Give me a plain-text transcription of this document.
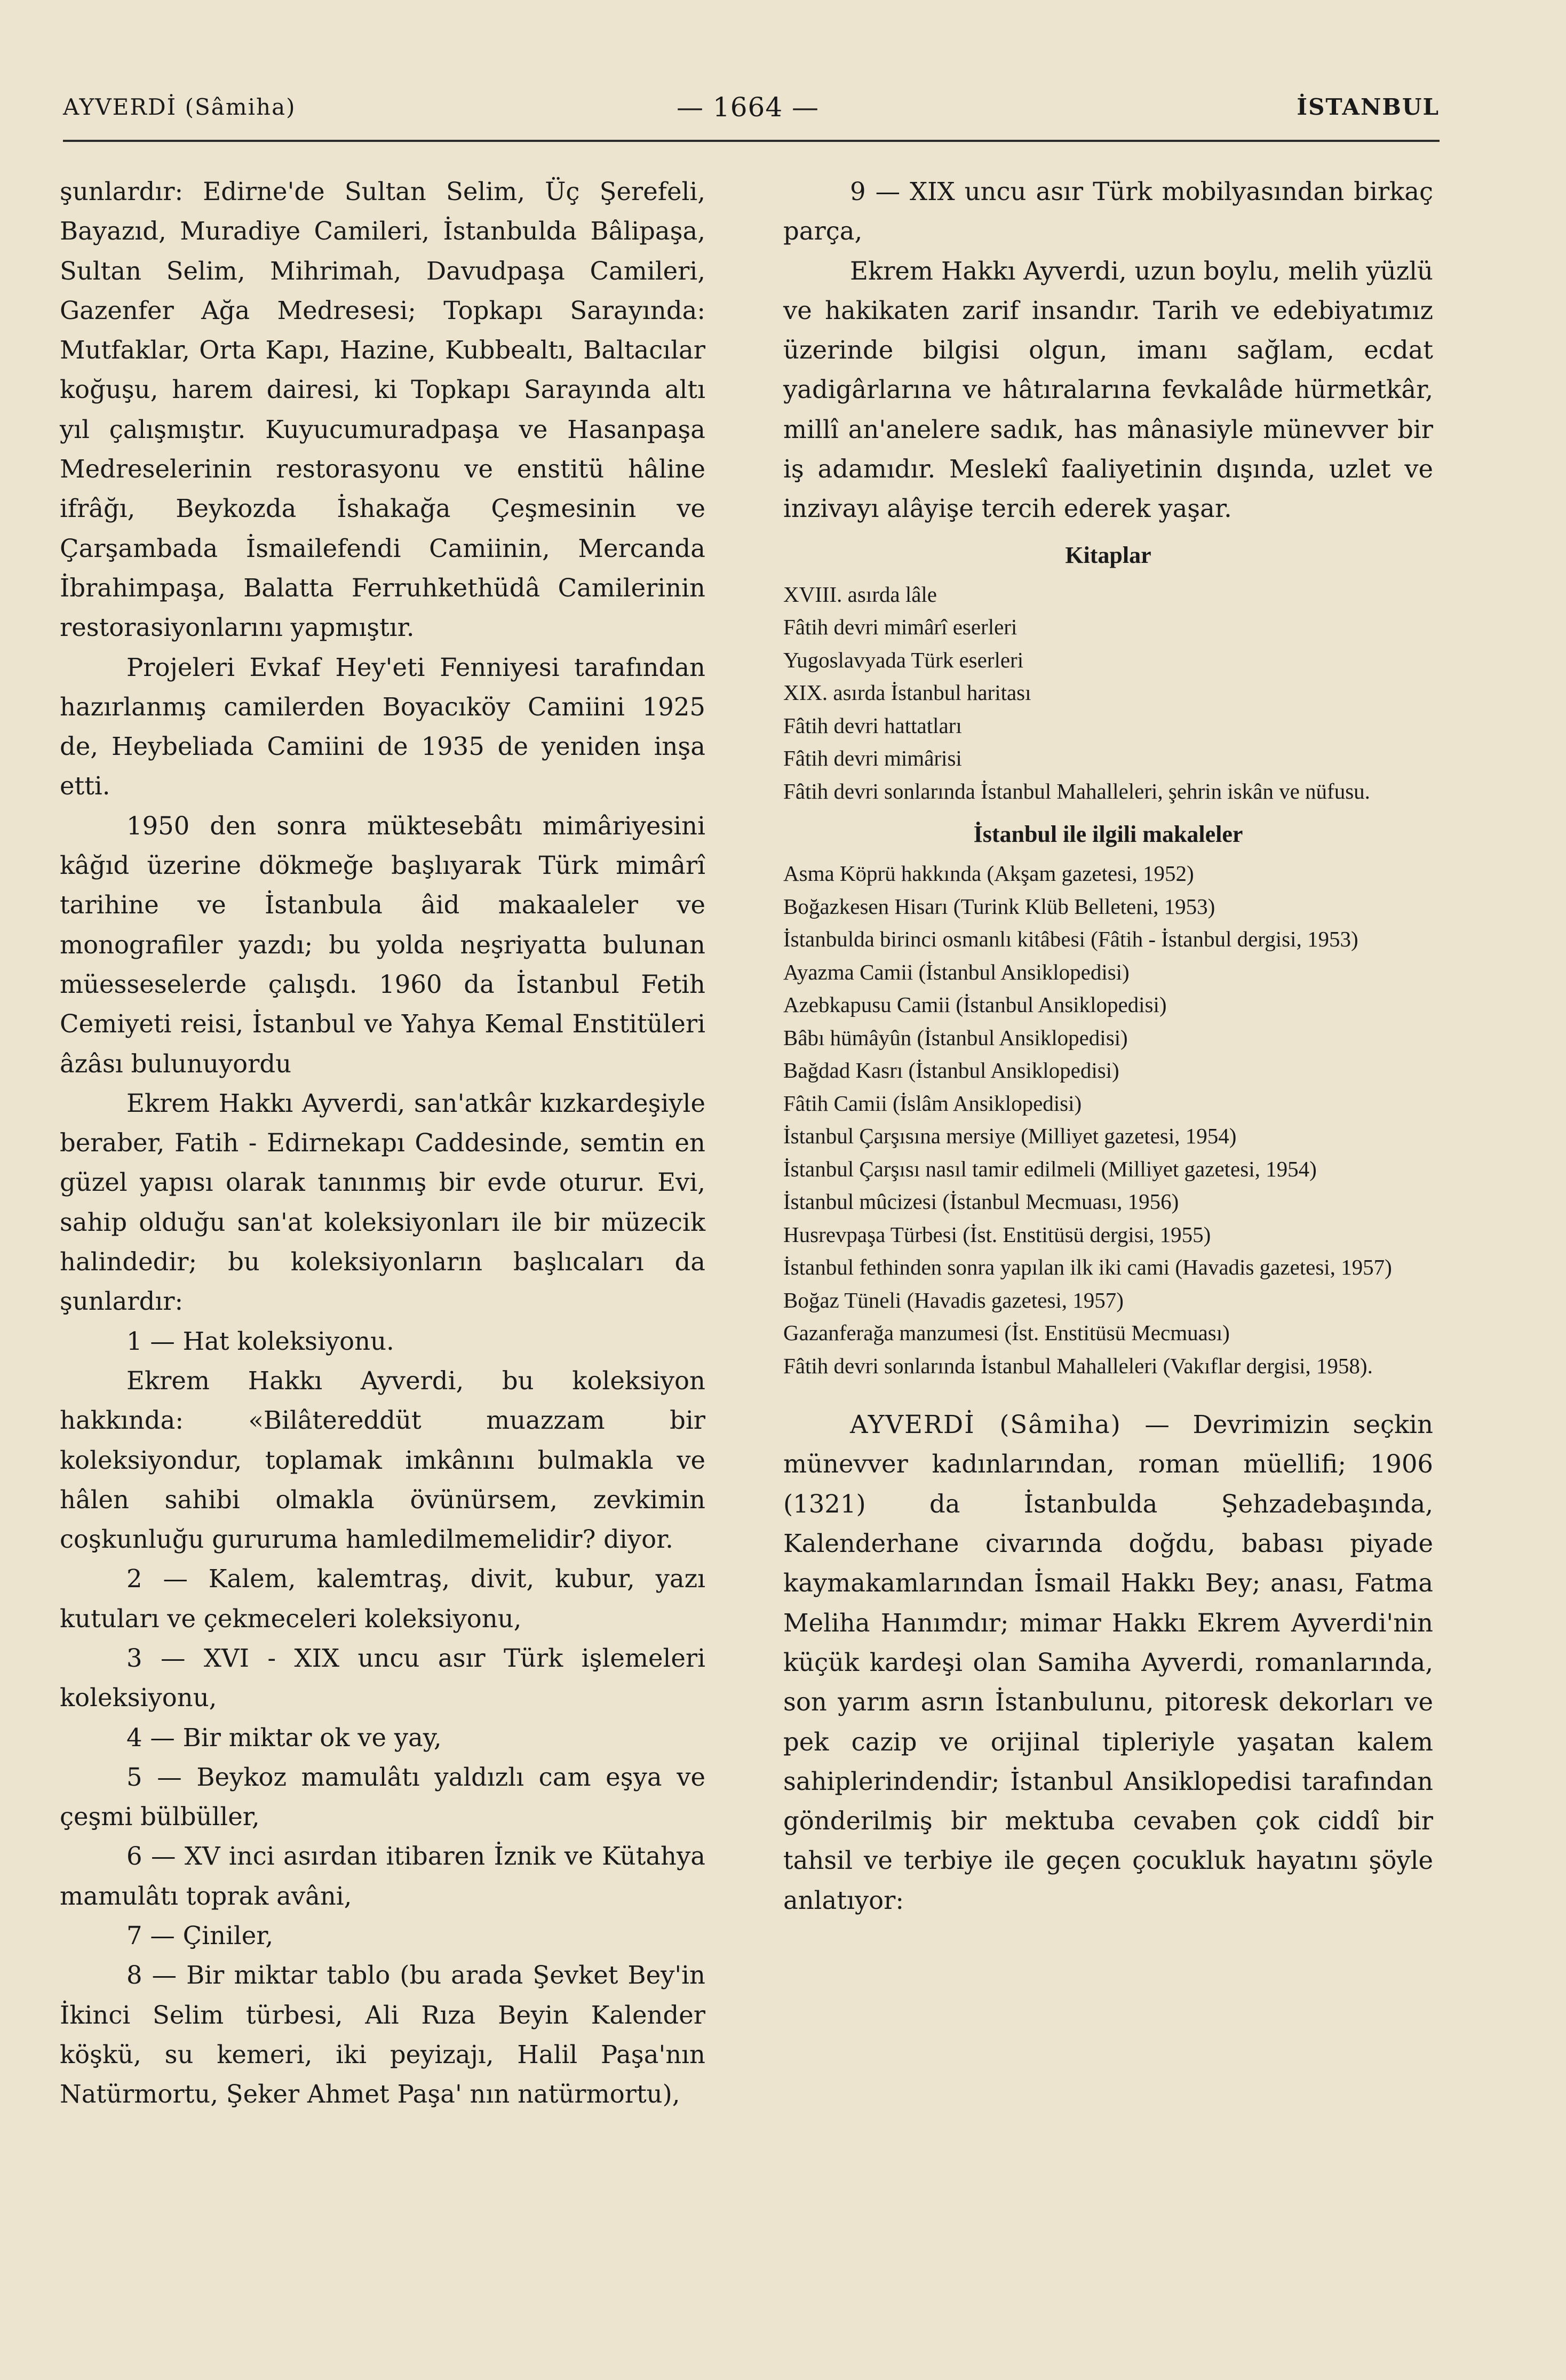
AYVERDİ (Sâmiha)	— 1664 —	İSTANBUL

şunlardır: Edirne'de Sultan Selim, Üç Şerefeli, Bayazıd, Muradiye Camileri, İstanbulda Bâlipaşa, Sultan Selim, Mihrimah, Davudpaşa Camileri, Gazenfer Ağa Medresesi; Topkapı Sarayında: Mutfaklar, Orta Kapı, Hazine, Kubbealtı, Baltacılar koğuşu, harem dairesi, ki Topkapı Sarayında altı yıl çalışmıştır. Kuyucumuradpaşa ve Hasanpaşa Medreselerinin restorasyonu ve enstitü hâline ifrâğı, Beykozda İshakağa Çeşmesinin ve Çarşambada İsmailefendi Camiinin, Mercanda İbrahimpaşa, Balatta Ferruhkethüdâ Camilerinin restorasiyonlarını yapmıştır.

Projeleri Evkaf Hey'eti Fenniyesi tarafından hazırlanmış camilerden Boyacıköy Camiini 1925 de, Heybeliada Camiini de 1935 de yeniden inşa etti.

1950 den sonra müktesebâtı mimâriyesini kâğıd üzerine dökmeğe başlıyarak Türk mimârî tarihine ve İstanbula âid makaaleler ve monografiler yazdı; bu yolda neşriyatta bulunan müesseselerde çalışdı. 1960 da İstanbul Fetih Cemiyeti reisi, İstanbul ve Yahya Kemal Enstitüleri âzâsı bulunuyordu

Ekrem Hakkı Ayverdi, san'atkâr kızkardeşiyle beraber, Fatih - Edirnekapı Caddesinde, semtin en güzel yapısı olarak tanınmış bir evde oturur. Evi, sahip olduğu san'at koleksiyonları ile bir müzecik halindedir; bu koleksiyonların başlıcaları da şunlardır:

1 — Hat koleksiyonu.

Ekrem Hakkı Ayverdi, bu koleksiyon hakkında: «Bilâtereddüt muazzam bir koleksiyondur, toplamak imkânını bulmakla ve hâlen sahibi olmakla övünürsem, zevkimin coşkunluğu gururuma hamledilmemelidir? diyor.

2 — Kalem, kalemtraş, divit, kubur, yazı kutuları ve çekmeceleri koleksiyonu,

3 — XVI - XIX uncu asır Türk işlemeleri koleksiyonu,

4 — Bir miktar ok ve yay,

5 — Beykoz mamulâtı yaldızlı cam eşya ve çeşmi bülbüller,

6 — XV inci asırdan itibaren İznik ve Kütahya mamulâtı toprak avâni,

7 — Çiniler,

8 — Bir miktar tablo (bu arada Şevket Bey'in İkinci Selim türbesi, Ali Rıza Beyin Kalender köşkü, su kemeri, iki peyizajı, Halil Paşa'nın Natürmortu, Şeker Ahmet Paşa' nın natürmortu),

9 — XIX uncu asır Türk mobilyasından birkaç parça,

Ekrem Hakkı Ayverdi, uzun boylu, melih yüzlü ve hakikaten zarif insandır. Tarih ve edebiyatımız üzerinde bilgisi olgun, imanı sağlam, ecdat yadigârlarına ve hâtıralarına fevkalâde hürmetkâr, millî an'anelere sadık, has mânasiyle münevver bir iş adamıdır. Meslekî faaliyetinin dışında, uzlet ve inzivayı alâyişe tercih ederek yaşar.

Kitaplar
XVIII. asırda lâle
Fâtih devri mimârî eserleri
Yugoslavyada Türk eserleri
XIX. asırda İstanbul haritası
Fâtih devri hattatları
Fâtih devri mimârisi
Fâtih devri sonlarında İstanbul Mahalleleri, şehrin iskân ve nüfusu.
İstanbul ile ilgili makaleler
Asma Köprü hakkında (Akşam gazetesi, 1952)
Boğazkesen Hisarı (Turink Klüb Belleteni, 1953)
İstanbulda birinci osmanlı kitâbesi (Fâtih - İstanbul dergisi, 1953)
Ayazma Camii (İstanbul Ansiklopedisi)
Azebkapusu Camii (İstanbul Ansiklopedisi)
Bâbı hümâyûn (İstanbul Ansiklopedisi)
Bağdad Kasrı (İstanbul Ansiklopedisi)
Fâtih Camii (İslâm Ansiklopedisi)
İstanbul Çarşısına mersiye (Milliyet gazetesi, 1954)
İstanbul Çarşısı nasıl tamir edilmeli (Milliyet gazetesi, 1954)
İstanbul mûcizesi (İstanbul Mecmuası, 1956)
Husrevpaşa Türbesi (İst. Enstitüsü dergisi, 1955)
İstanbul fethinden sonra yapılan ilk iki cami (Havadis gazetesi, 1957)
Boğaz Tüneli (Havadis gazetesi, 1957)
Gazanferağa manzumesi (İst. Enstitüsü Mecmuası)
Fâtih devri sonlarında İstanbul Mahalleleri (Vakıflar dergisi, 1958).

AYVERDİ (Sâmiha) — Devrimizin seçkin münevver kadınlarından, roman müellifi; 1906 (1321) da İstanbulda Şehzadebaşında, Kalenderhane civarında doğdu, babası piyade kaymakamlarından İsmail Hakkı Bey; anası, Fatma Meliha Hanımdır; mimar Hakkı Ekrem Ayverdi'nin küçük kardeşi olan Samiha Ayverdi, romanlarında, son yarım asrın İstanbulunu, pitoresk dekorları ve pek cazip ve orijinal tipleriyle yaşatan kalem sahiplerindendir; İstanbul Ansiklopedisi tarafından gönderilmiş bir mektuba cevaben çok ciddî bir tahsil ve terbiye ile geçen çocukluk hayatını şöyle anlatıyor:
